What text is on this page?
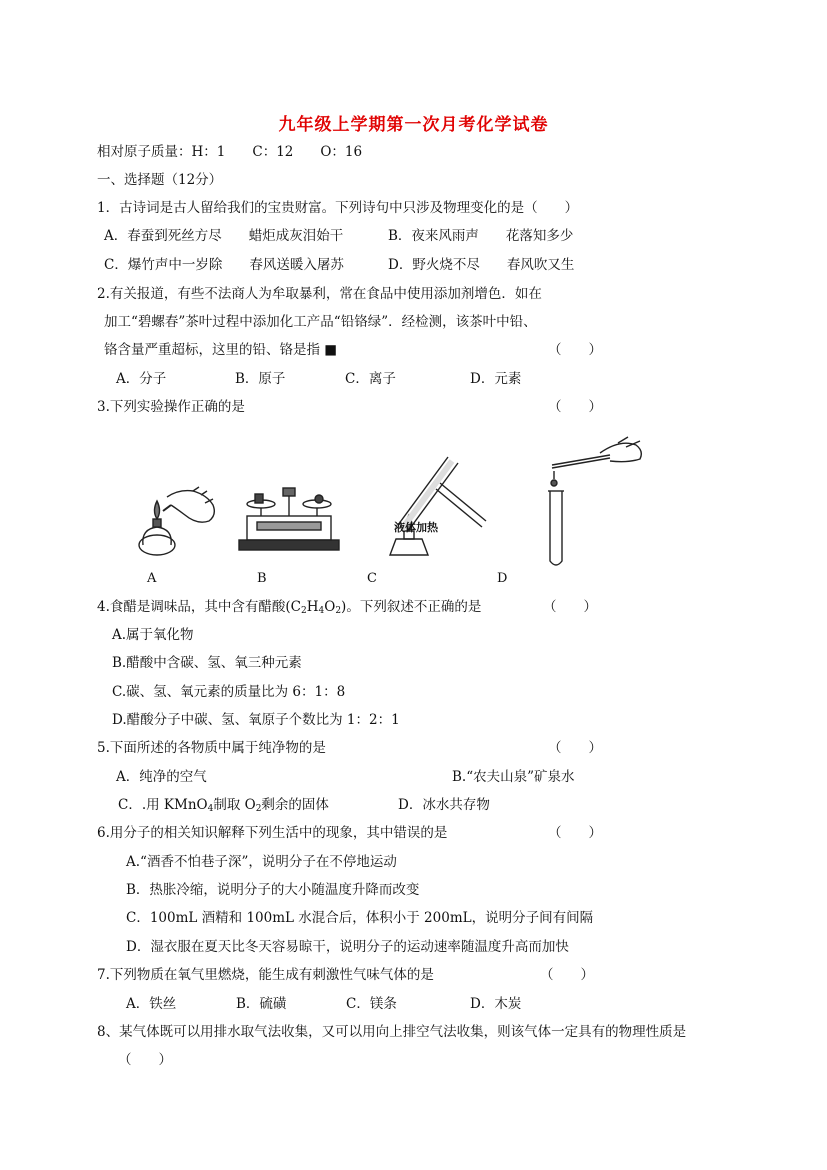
九年级上学期第一次月考化学试卷
相对原子质量：H：1　　C：12　　O：16
一、选择题（12分）
1．古诗词是古人留给我们的宝贵财富。下列诗句中只涉及物理变化的是（　　）
A．春蚕到死丝方尽　　蜡炬成灰泪始干	B．夜来风雨声　　花落知多少
C．爆竹声中一岁除　　春风送暖入屠苏	D．野火烧不尽　　春风吹又生
2.有关报道，有些不法商人为牟取暴利，常在食品中使用添加剂增色．如在
加工“碧螺春”茶叶过程中添加化工产品“铅铬绿”．经检测，该茶叶中铅、
铬含量严重超标，这里的铅、铬是指 ■	（　　）
A．分子	B．原子	C．离子	D．元素
3.下列实验操作正确的是	（　　）
液体加热
A	B	C	D
4.食醋是调味品，其中含有醋酸$(C_2H_4O_2)$。下列叙述不正确的是	（　　）
A.属于氧化物
B.醋酸中含碳、氢、氧三种元素
C.碳、氢、氧元素的质量比为 6：1：8
D.醋酸分子中碳、氢、氧原子个数比为 1：2：1
5.下面所述的各物质中属于纯净物的是	（　　）
A．纯净的空气	B.“农夫山泉”矿泉水
C．.用 KMnO$_4$制取 $O_2$剩余的固体	D．冰水共存物
6.用分子的相关知识解释下列生活中的现象，其中错误的是	（　　）
A.“酒香不怕巷子深”，说明分子在不停地运动
B．热胀冷缩，说明分子的大小随温度升降而改变
C．100mL 酒精和 100mL 水混合后，体积小于 200mL，说明分子间有间隔
D．湿衣服在夏天比冬天容易晾干，说明分子的运动速率随温度升高而加快
7.下列物质在氧气里燃烧，能生成有刺激性气味气体的是	（　　）
A．铁丝	B．硫磺	C．镁条	D．木炭
8、某气体既可以用排水取气法收集，又可以用向上排空气法收集，则该气体一定具有的物理性质是
（　　）
